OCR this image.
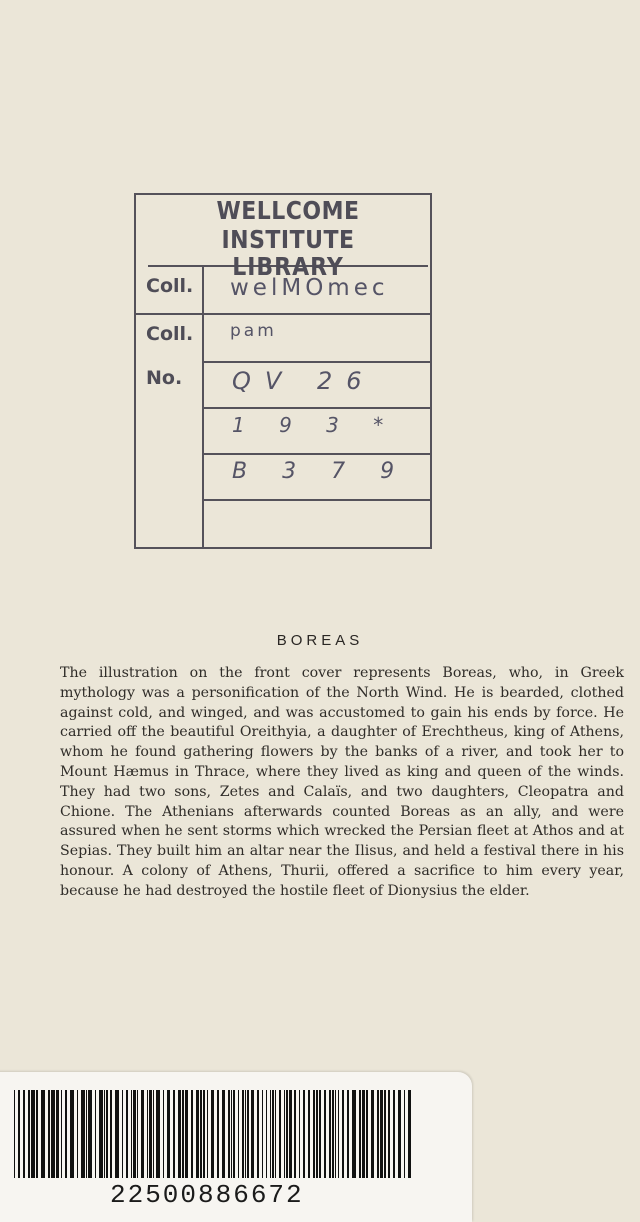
WELLCOME INSTITUTE
LIBRARY
Coll.
Coll.
No.
welMOmec
pam
QV 26
1 9 3 *
B 3 7 9
BOREAS
The illustration on the front cover represents Boreas, who, in Greek mythology was a personification of the North Wind. He is bearded, clothed against cold, and winged, and was accustomed to gain his ends by force. He carried off the beautiful Oreithyia, a daughter of Erechtheus, king of Athens, whom he found gathering flowers by the banks of a river, and took her to Mount Hæmus in Thrace, where they lived as king and queen of the winds. They had two sons, Zetes and Calaïs, and two daughters, Cleopatra and Chione. The Athenians afterwards counted Boreas as an ally, and were assured when he sent storms which wrecked the Persian fleet at Athos and at Sepias. They built him an altar near the Ilisus, and held a festival there in his honour. A colony of Athens, Thurii, offered a sacrifice to him every year, because he had destroyed the hostile fleet of Dionysius the elder.
22500886672
